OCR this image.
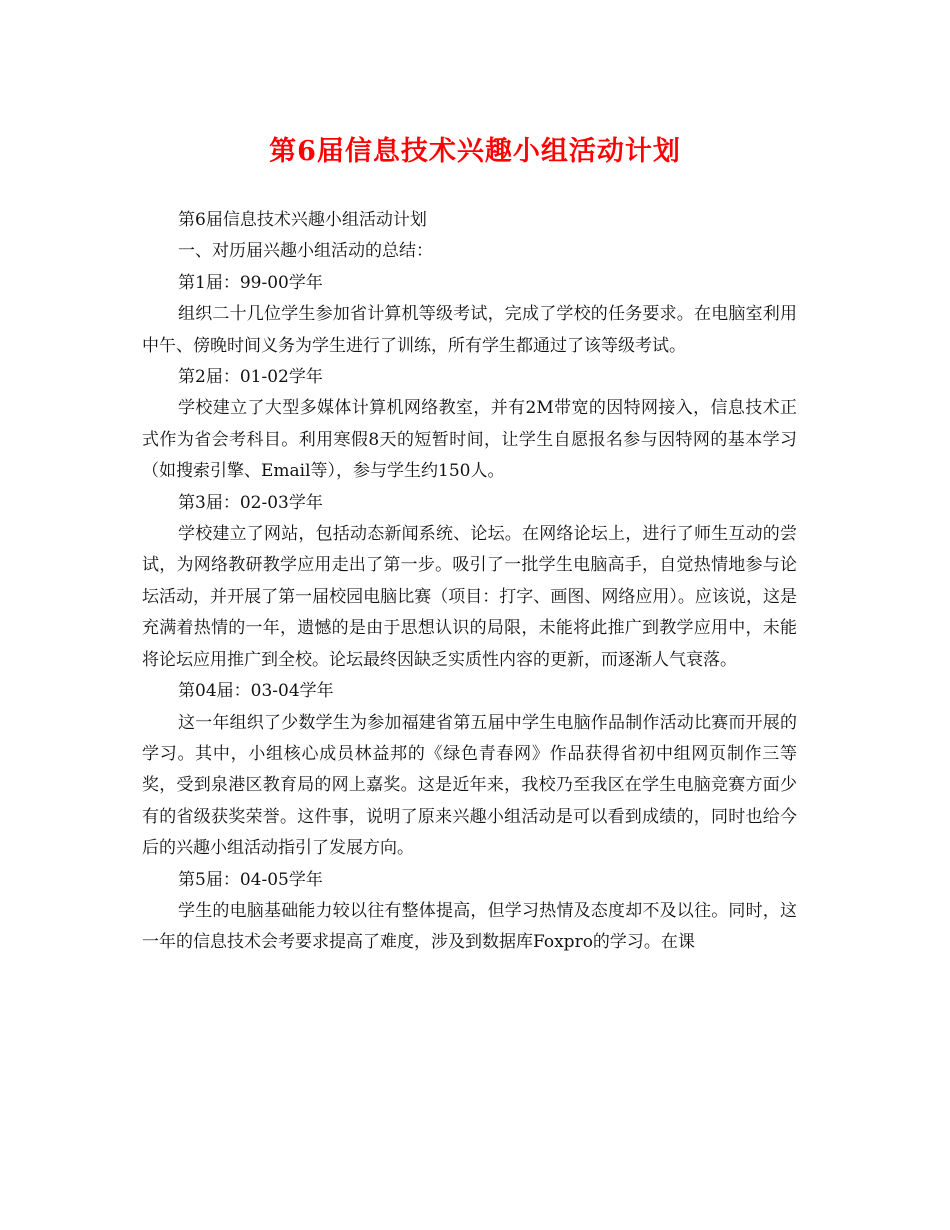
第6届信息技术兴趣小组活动计划

第6届信息技术兴趣小组活动计划

一、对历届兴趣小组活动的总结：

第1届：99-00学年

组织二十几位学生参加省计算机等级考试，完成了学校的任务要求。在电脑室利用中午、傍晚时间义务为学生进行了训练，所有学生都通过了该等级考试。

第2届：01-02学年

学校建立了大型多媒体计算机网络教室，并有2M带宽的因特网接入，信息技术正式作为省会考科目。利用寒假8天的短暂时间，让学生自愿报名参与因特网的基本学习（如搜索引擎、Email等），参与学生约150人。

第3届：02-03学年

学校建立了网站，包括动态新闻系统、论坛。在网络论坛上，进行了师生互动的尝试，为网络教研教学应用走出了第一步。吸引了一批学生电脑高手，自觉热情地参与论坛活动，并开展了第一届校园电脑比赛（项目：打字、画图、网络应用）。应该说，这是充满着热情的一年，遗憾的是由于思想认识的局限，未能将此推广到教学应用中，未能将论坛应用推广到全校。论坛最终因缺乏实质性内容的更新，而逐渐人气衰落。

第04届：03-04学年

这一年组织了少数学生为参加福建省第五届中学生电脑作品制作活动比赛而开展的学习。其中，小组核心成员林益邦的《绿色青春网》作品获得省初中组网页制作三等奖，受到泉港区教育局的网上嘉奖。这是近年来，我校乃至我区在学生电脑竞赛方面少有的省级获奖荣誉。这件事，说明了原来兴趣小组活动是可以看到成绩的，同时也给今后的兴趣小组活动指引了发展方向。

第5届：04-05学年

学生的电脑基础能力较以往有整体提高，但学习热情及态度却不及以往。同时，这一年的信息技术会考要求提高了难度，涉及到数据库Foxpro的学习。在课
